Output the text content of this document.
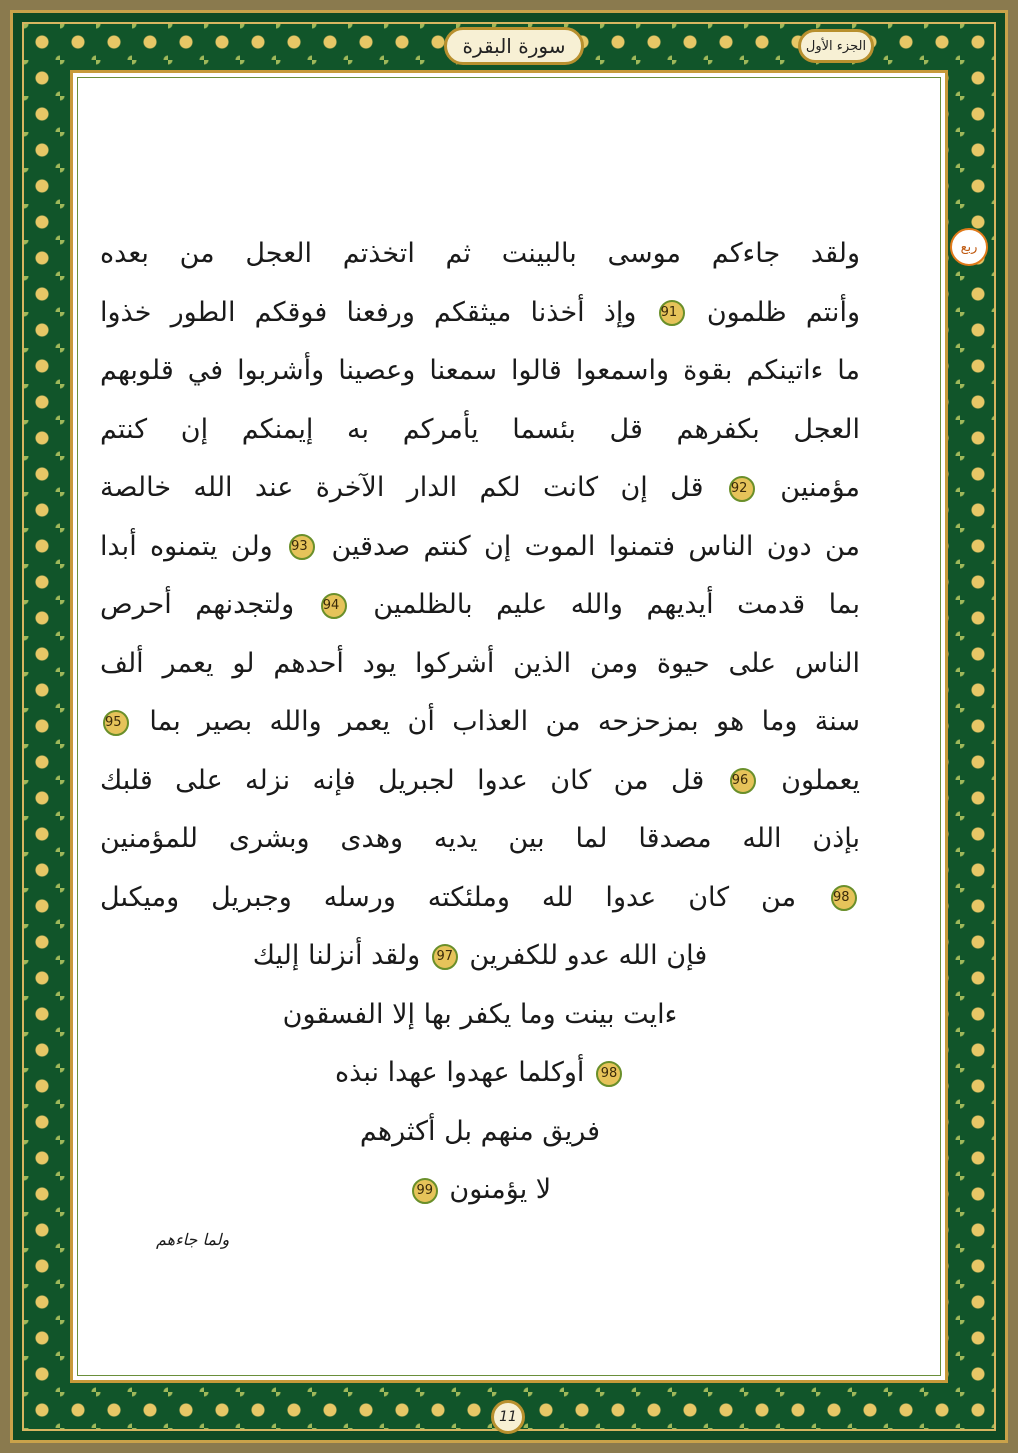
الجزء الأول
سورة البقرة
ربع
ولقد جاءكم موسى بالبينت ثم اتخذتم العجل من بعده
وأنتم ظلمون 91 وإذ أخذنا ميثقكم ورفعنا فوقكم الطور خذوا
ما ءاتينكم بقوة واسمعوا قالوا سمعنا وعصينا وأشربوا في قلوبهم
العجل بكفرهم قل بئسما يأمركم به إيمنكم إن كنتم
مؤمنين 92 قل إن كانت لكم الدار الآخرة عند الله خالصة
من دون الناس فتمنوا الموت إن كنتم صدقين 93 ولن يتمنوه أبدا
بما قدمت أيديهم والله عليم بالظلمين 94 ولتجدنهم أحرص
الناس على حيوة ومن الذين أشركوا يود أحدهم لو يعمر ألف
سنة وما هو بمزحزحه من العذاب أن يعمر والله بصير بما 95
يعملون 96 قل من كان عدوا لجبريل فإنه نزله على قلبك
بإذن الله مصدقا لما بين يديه وهدى وبشرى للمؤمنين
98 من كان عدوا لله وملئكته ورسله وجبريل وميكىل
فإن الله عدو للكفرين 97 ولقد أنزلنا إليك
ءايت بينت وما يكفر بها إلا الفسقون
98 أوكلما عهدوا عهدا نبذه
فريق منهم بل أكثرهم
لا يؤمنون 99
ولما جاءهم
11
